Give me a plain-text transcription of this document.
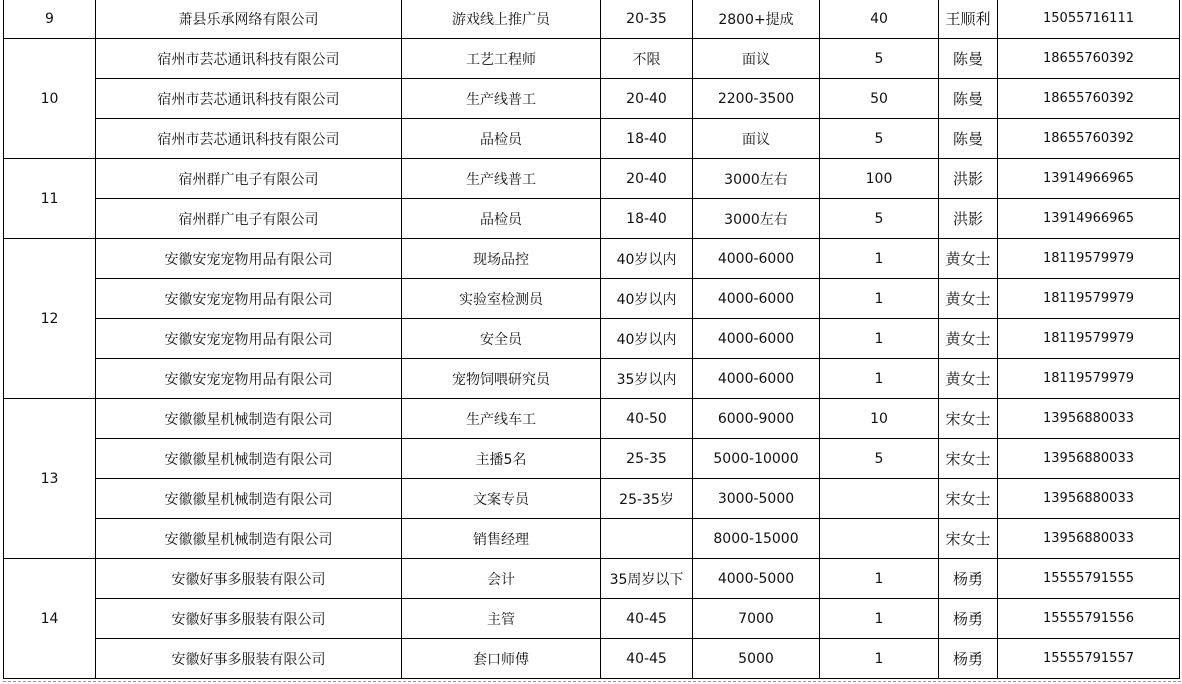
9	萧县乐承网络有限公司	游戏线上推广员	20-35	2800+提成	40	王顺利	15055716111
10	宿州市芸芯通讯科技有限公司	工艺工程师	不限	面议	5	陈曼	18655760392
	宿州市芸芯通讯科技有限公司	生产线普工	20-40	2200-3500	50	陈曼	18655760392
	宿州市芸芯通讯科技有限公司	品检员	18-40	面议	5	陈曼	18655760392
11	宿州群广电子有限公司	生产线普工	20-40	3000左右	100	洪影	13914966965
	宿州群广电子有限公司	品检员	18-40	3000左右	5	洪影	13914966965
12	安徽安宠宠物用品有限公司	现场品控	40岁以内	4000-6000	1	黄女士	18119579979
	安徽安宠宠物用品有限公司	实验室检测员	40岁以内	4000-6000	1	黄女士	18119579979
	安徽安宠宠物用品有限公司	安全员	40岁以内	4000-6000	1	黄女士	18119579979
	安徽安宠宠物用品有限公司	宠物饲喂研究员	35岁以内	4000-6000	1	黄女士	18119579979
13	安徽徽星机械制造有限公司	生产线车工	40-50	6000-9000	10	宋女士	13956880033
	安徽徽星机械制造有限公司	主播5名	25-35	5000-10000	5	宋女士	13956880033
	安徽徽星机械制造有限公司	文案专员	25-35岁	3000-5000		宋女士	13956880033
	安徽徽星机械制造有限公司	销售经理		8000-15000		宋女士	13956880033
14	安徽好事多服装有限公司	会计	35周岁以下	4000-5000	1	杨勇	15555791555
	安徽好事多服装有限公司	主管	40-45	7000	1	杨勇	15555791556
	安徽好事多服装有限公司	套口师傅	40-45	5000	1	杨勇	15555791557
